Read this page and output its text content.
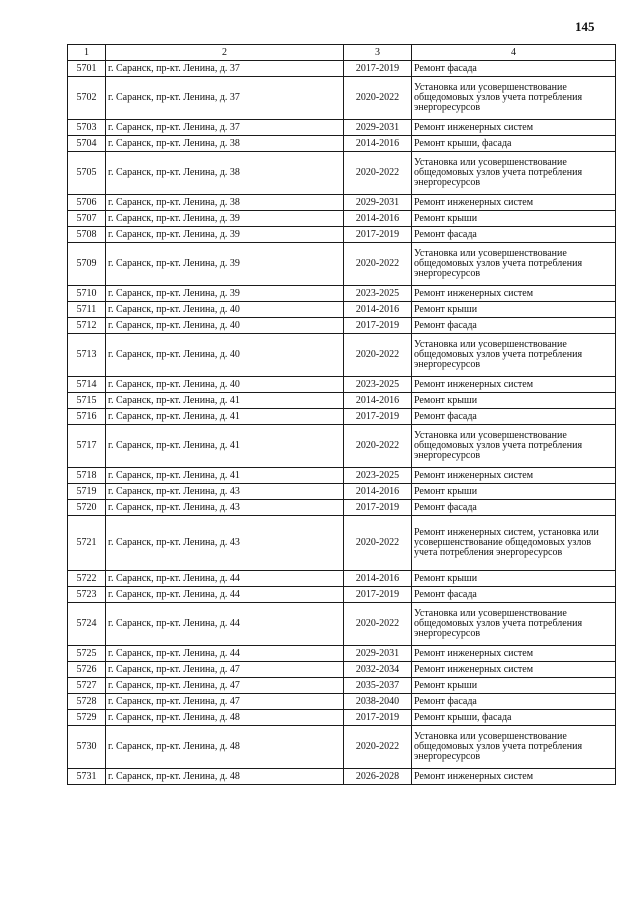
145
1	2	3	4
5701	г. Саранск, пр-кт. Ленина, д. 37	2017-2019	Ремонт фасада
5702	г. Саранск, пр-кт. Ленина, д. 37	2020-2022	Установка или усовершенствование общедомовых узлов учета потребления энергоресурсов
5703	г. Саранск, пр-кт. Ленина, д. 37	2029-2031	Ремонт инженерных систем
5704	г. Саранск, пр-кт. Ленина, д. 38	2014-2016	Ремонт крыши, фасада
5705	г. Саранск, пр-кт. Ленина, д. 38	2020-2022	Установка или усовершенствование общедомовых узлов учета потребления энергоресурсов
5706	г. Саранск, пр-кт. Ленина, д. 38	2029-2031	Ремонт инженерных систем
5707	г. Саранск, пр-кт. Ленина, д. 39	2014-2016	Ремонт крыши
5708	г. Саранск, пр-кт. Ленина, д. 39	2017-2019	Ремонт фасада
5709	г. Саранск, пр-кт. Ленина, д. 39	2020-2022	Установка или усовершенствование общедомовых узлов учета потребления энергоресурсов
5710	г. Саранск, пр-кт. Ленина, д. 39	2023-2025	Ремонт инженерных систем
5711	г. Саранск, пр-кт. Ленина, д. 40	2014-2016	Ремонт крыши
5712	г. Саранск, пр-кт. Ленина, д. 40	2017-2019	Ремонт фасада
5713	г. Саранск, пр-кт. Ленина, д. 40	2020-2022	Установка или усовершенствование общедомовых узлов учета потребления энергоресурсов
5714	г. Саранск, пр-кт. Ленина, д. 40	2023-2025	Ремонт инженерных систем
5715	г. Саранск, пр-кт. Ленина, д. 41	2014-2016	Ремонт крыши
5716	г. Саранск, пр-кт. Ленина, д. 41	2017-2019	Ремонт фасада
5717	г. Саранск, пр-кт. Ленина, д. 41	2020-2022	Установка или усовершенствование общедомовых узлов учета потребления энергоресурсов
5718	г. Саранск, пр-кт. Ленина, д. 41	2023-2025	Ремонт инженерных систем
5719	г. Саранск, пр-кт. Ленина, д. 43	2014-2016	Ремонт крыши
5720	г. Саранск, пр-кт. Ленина, д. 43	2017-2019	Ремонт фасада
5721	г. Саранск, пр-кт. Ленина, д. 43	2020-2022	Ремонт инженерных систем, установка или усовершенствование общедомовых узлов учета потребления энергоресурсов
5722	г. Саранск, пр-кт. Ленина, д. 44	2014-2016	Ремонт крыши
5723	г. Саранск, пр-кт. Ленина, д. 44	2017-2019	Ремонт фасада
5724	г. Саранск, пр-кт. Ленина, д. 44	2020-2022	Установка или усовершенствование общедомовых узлов учета потребления энергоресурсов
5725	г. Саранск, пр-кт. Ленина, д. 44	2029-2031	Ремонт инженерных систем
5726	г. Саранск, пр-кт. Ленина, д. 47	2032-2034	Ремонт инженерных систем
5727	г. Саранск, пр-кт. Ленина, д. 47	2035-2037	Ремонт крыши
5728	г. Саранск, пр-кт. Ленина, д. 47	2038-2040	Ремонт фасада
5729	г. Саранск, пр-кт. Ленина, д. 48	2017-2019	Ремонт крыши, фасада
5730	г. Саранск, пр-кт. Ленина, д. 48	2020-2022	Установка или усовершенствование общедомовых узлов учета потребления энергоресурсов
5731	г. Саранск, пр-кт. Ленина, д. 48	2026-2028	Ремонт инженерных систем
